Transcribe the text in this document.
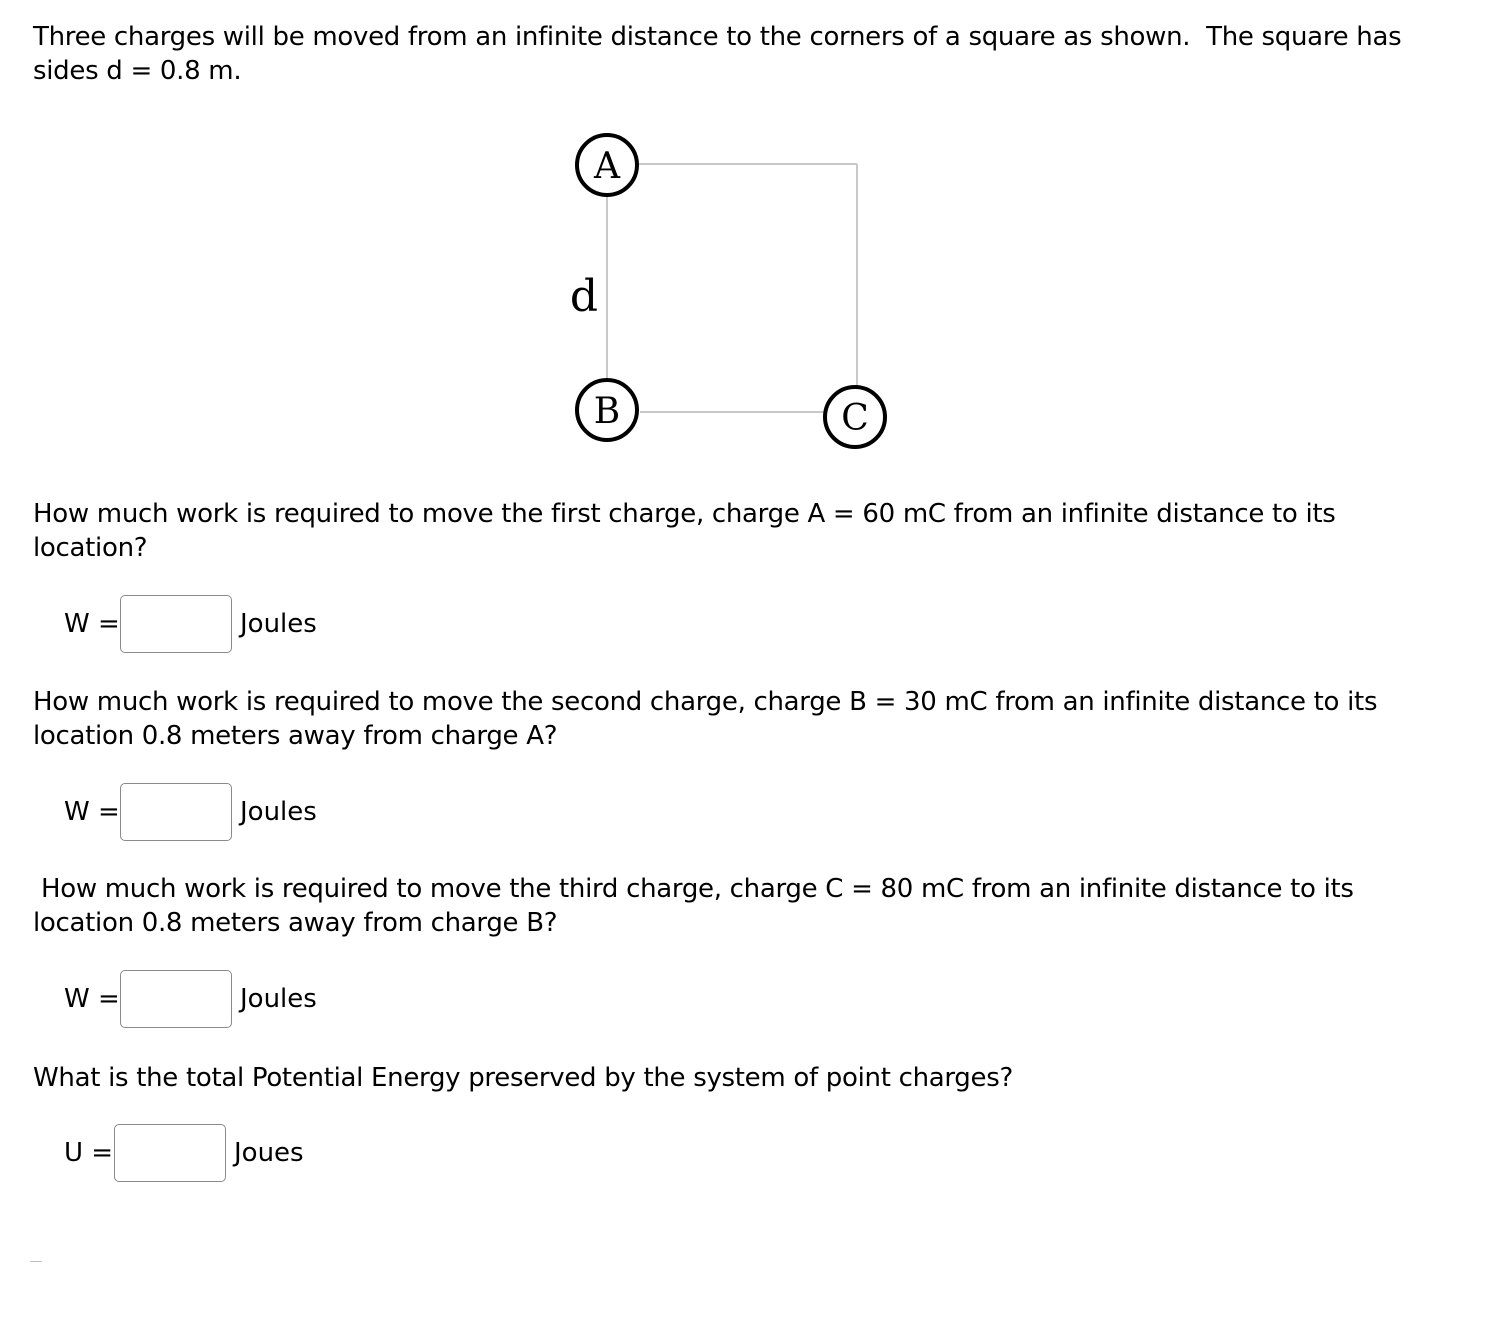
Three charges will be moved from an infinite distance to the corners of a square as shown.  The square has
sides d = 0.8 m.
A
B	C
d
How much work is required to move the first charge, charge A = 60 mC from an infinite distance to its
location?
W =	Joules
How much work is required to move the second charge, charge B = 30 mC from an infinite distance to its
location 0.8 meters away from charge A?
W =	Joules
How much work is required to move the third charge, charge C = 80 mC from an infinite distance to its
location 0.8 meters away from charge B?
W =	Joules
What is the total Potential Energy preserved by the system of point charges?
U =	Joues
